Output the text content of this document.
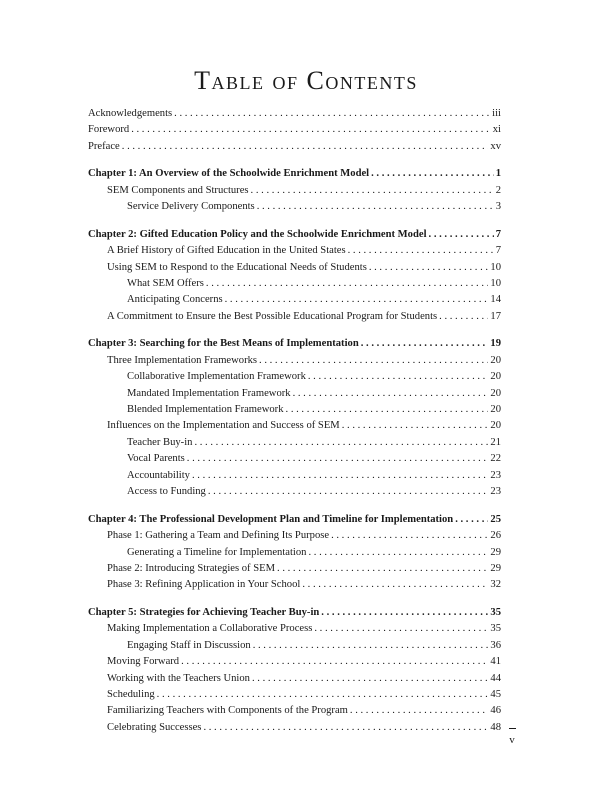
Table of Contents
Acknowledgements . . .	iii
Foreword . . .	xi
Preface . . .	xv
Chapter 1: An Overview of the Schoolwide Enrichment Model . . .	1
SEM Components and Structures . . .	2
Service Delivery Components . . .	3
Chapter 2: Gifted Education Policy and the Schoolwide Enrichment Model . . .	7
A Brief History of Gifted Education in the United States . . .	7
Using SEM to Respond to the Educational Needs of Students . . .	10
What SEM Offers . . .	10
Anticipating Concerns . . .	14
A Commitment to Ensure the Best Possible Educational Program for Students . . .	17
Chapter 3: Searching for the Best Means of Implementation . . .	19
Three Implementation Frameworks . . .	20
Collaborative Implementation Framework . . .	20
Mandated Implementation Framework . . .	20
Blended Implementation Framework . . .	20
Influences on the Implementation and Success of SEM . . .	20
Teacher Buy-in . . .	21
Vocal Parents . . .	22
Accountability . . .	23
Access to Funding . . .	23
Chapter 4: The Professional Development Plan and Timeline for Implementation . . .	25
Phase 1: Gathering a Team and Defining Its Purpose . . .	26
Generating a Timeline for Implementation . . .	29
Phase 2: Introducing Strategies of SEM . . .	29
Phase 3: Refining Application in Your School . . .	32
Chapter 5: Strategies for Achieving Teacher Buy-in . . .	35
Making Implementation a Collaborative Process . . .	35
Engaging Staff in Discussion . . .	36
Moving Forward . . .	41
Working with the Teachers Union . . .	44
Scheduling . . .	45
Familiarizing Teachers with Components of the Program . . .	46
Celebrating Successes . . .	48
v
